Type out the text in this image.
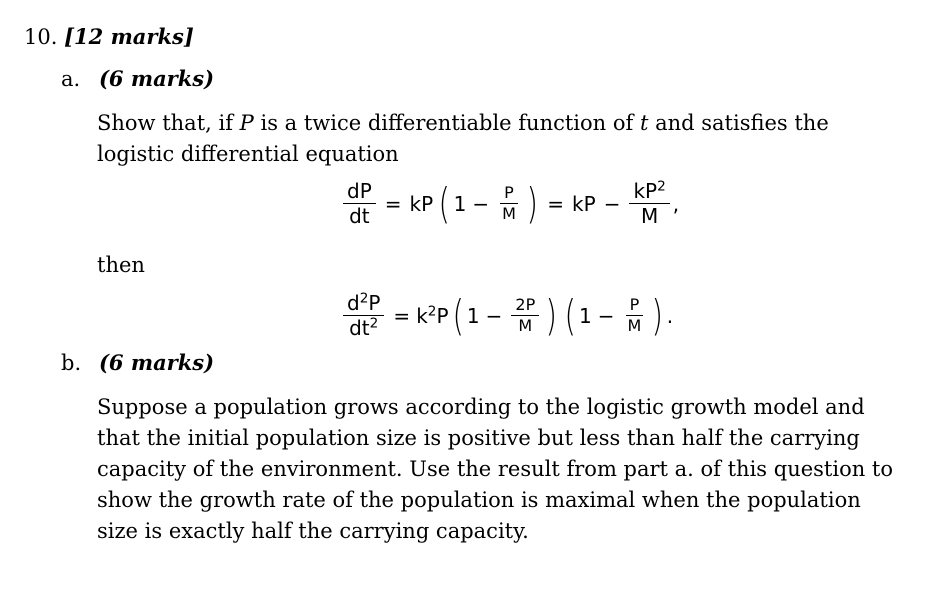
10. [12 marks]
a. (6 marks)
Show that, if P is a twice differentiable function of t and satisfies the logistic differential equation
$\frac{dP}{dt}$ = kP ( $1 - \frac{P}{M}$ ) = kP − $\frac{kP^2}{M}$ ,
then
$\frac{d^2P}{dt^2} = k^2P$ ( $1 - \frac{2P}{M}$ ) ( $1 - \frac{P}{M}$ ) .
b. (6 marks)
Suppose a population grows according to the logistic growth model and that the initial population size is positive but less than half the carrying capacity of the environment. Use the result from part a. of this question to show the growth rate of the population is maximal when the population size is exactly half the carrying capacity.
